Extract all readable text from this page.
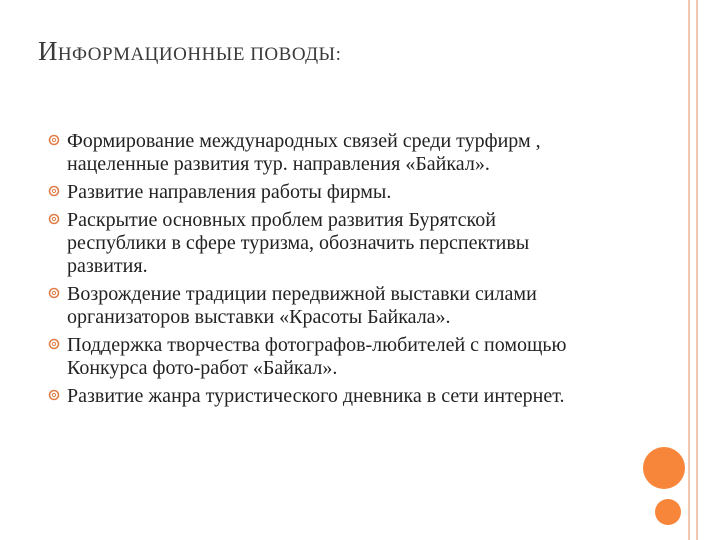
ИНФОРМАЦИОННЫЕ ПОВОДЫ:
Формирование международных связей среди турфирм , нацеленные развития тур. направления «Байкал».
Развитие направления работы фирмы.
Раскрытие основных проблем развития Бурятской республики в сфере туризма, обозначить перспективы развития.
Возрождение традиции передвижной выставки силами организаторов выставки «Красоты Байкала».
Поддержка творчества фотографов-любителей с помощью Конкурса фото-работ «Байкал».
Развитие жанра туристического дневника в сети интернет.
